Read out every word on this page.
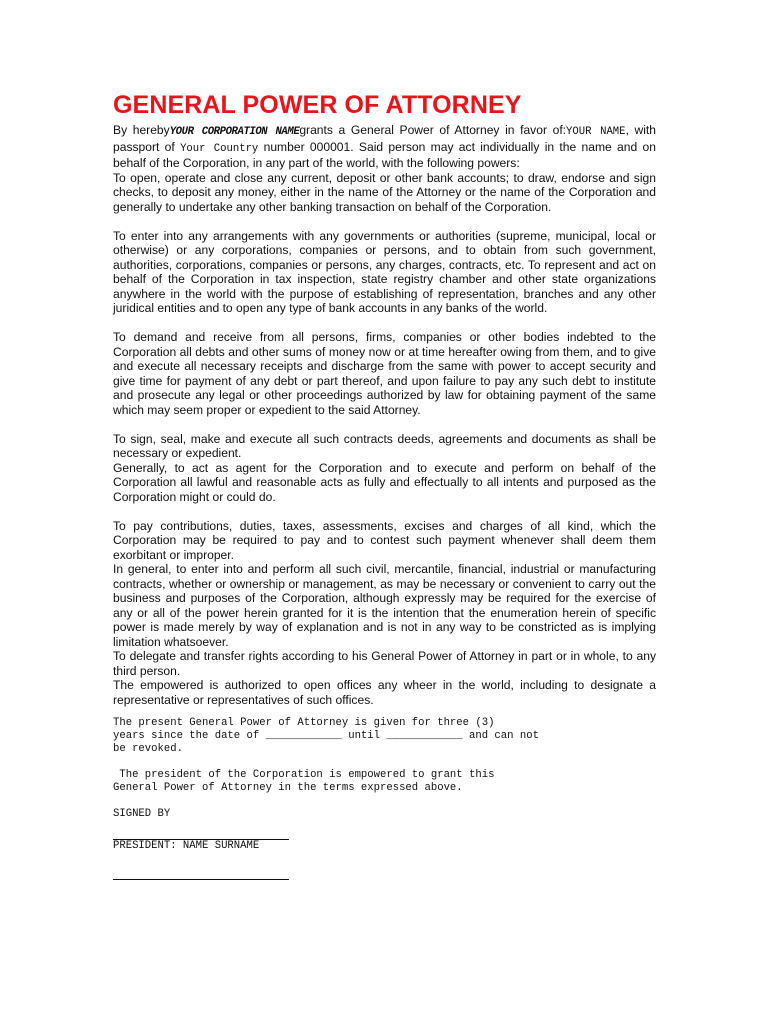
GENERAL POWER OF ATTORNEY

By herebyYOUR CORPORATION NAMEgrants a General Power of Attorney in favor of:YOUR NAME, with passport of Your Country number 000001. Said person may act individually in the name and on behalf of the Corporation, in any part of the world, with the following powers:

To open, operate and close any current, deposit or other bank accounts; to draw, endorse and sign checks, to deposit any money, either in the name of the Attorney or the name of the Corporation and generally to undertake any other banking transaction on behalf of the Corporation.

To enter into any arrangements with any governments or authorities (supreme, municipal, local or otherwise) or any corporations, companies or persons, and to obtain from such government, authorities, corporations, companies or persons, any charges, contracts, etc. To represent and act on behalf of the Corporation in tax inspection, state registry chamber and other state organizations anywhere in the world with the purpose of establishing of representation, branches and any other juridical entities and to open any type of bank accounts in any banks of the world.

To demand and receive from all persons, firms, companies or other bodies indebted to the Corporation all debts and other sums of money now or at time hereafter owing from them, and to give and execute all necessary receipts and discharge from the same with power to accept security and give time for payment of any debt or part thereof, and upon failure to pay any such debt to institute and prosecute any legal or other proceedings authorized by law for obtaining payment of the same which may seem proper or expedient to the said Attorney.

To sign, seal, make and execute all such contracts deeds, agreements and documents as shall be necessary or expedient.

Generally, to act as agent for the Corporation and to execute and perform on behalf of the Corporation all lawful and reasonable acts as fully and effectually to all intents and purposed as the Corporation might or could do.

To pay contributions, duties, taxes, assessments, excises and charges of all kind, which the Corporation may be required to pay and to contest such payment whenever shall deem them exorbitant or improper.

In general, to enter into and perform all such civil, mercantile, financial, industrial or manufacturing contracts, whether or ownership or management, as may be necessary or convenient to carry out the business and purposes of the Corporation, although expressly may be required for the exercise of any or all of the power herein granted for it is the intention that the enumeration herein of specific power is made merely by way of explanation and is not in any way to be constricted as is implying limitation whatsoever.

To delegate and transfer rights according to his General Power of Attorney in part or in whole, to any third person.

The empowered is authorized to open offices any wheer in the world, including to designate a representative or representatives of such offices.

The present General Power of Attorney is given for three (3)

years since the date of ____________ until ____________ and can not

be revoked.

The president of the Corporation is empowered to grant this

General Power of Attorney in the terms expressed above.

SIGNED BY

PRESIDENT: NAME SURNAME
